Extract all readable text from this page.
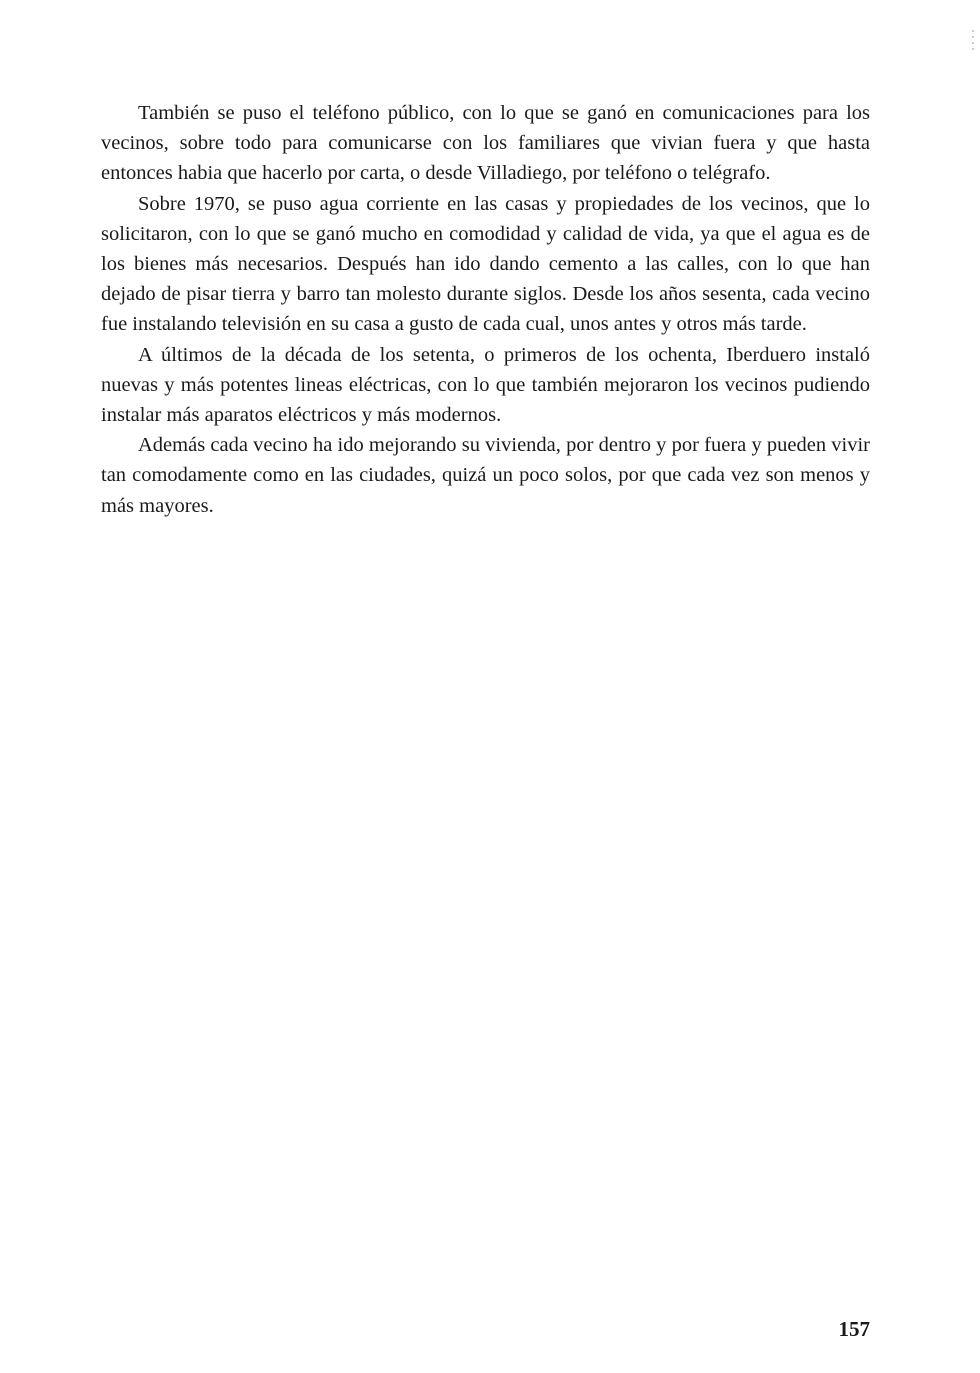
También se puso el teléfono público, con lo que se ganó en comunicaciones para los vecinos, sobre todo para comunicarse con los familiares que vivian fuera y que hasta entonces habia que hacerlo por carta, o desde Villadiego, por teléfono o telégrafo.

Sobre 1970, se puso agua corriente en las casas y propiedades de los vecinos, que lo solicitaron, con lo que se ganó mucho en comodidad y calidad de vida, ya que el agua es de los bienes más necesarios. Después han ido dando cemento a las calles, con lo que han dejado de pisar tierra y barro tan molesto durante siglos. Desde los años sesenta, cada vecino fue instalando televisión en su casa a gusto de cada cual, unos antes y otros más tarde.

A últimos de la década de los setenta, o primeros de los ochenta, Iberduero instaló nuevas y más potentes lineas eléctricas, con lo que también mejoraron los vecinos pudiendo instalar más aparatos eléctricos y más modernos.

Además cada vecino ha ido mejorando su vivienda, por dentro y por fuera y pueden vivir tan comodamente como en las ciudades, quizá un poco solos, por que cada vez son menos y más mayores.

157
